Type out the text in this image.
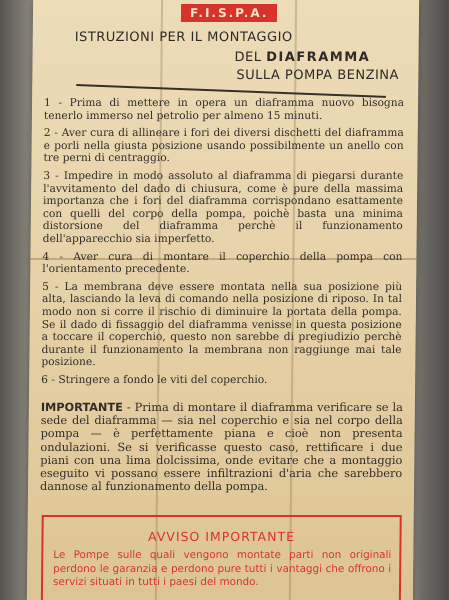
F.I.S.P.A.
ISTRUZIONI PER IL MONTAGGIO
DEL DIAFRAMMA
SULLA POMPA BENZINA

1 - Prima di mettere in opera un diaframma nuovo bisogna tenerlo immerso nel petrolio per almeno 15 minuti.

2 - Aver cura di allineare i fori dei diversi dischetti del diaframma e porli nella giusta posizione usando possibilmente un anello con tre perni di centraggio.

3 - Impedire in modo assoluto al diaframma di piegarsi durante l'avvitamento del dado di chiusura, come è pure della massima importanza che i fori del diaframma corrispondano esattamente con quelli del corpo della pompa, poichè basta una minima distorsione del diaframma perchè il funzionamento dell'apparecchio sia imperfetto.

4 - Aver cura di montare il coperchio della pompa con l'orientamento precedente.

5 - La membrana deve essere montata nella sua posizione più alta, lasciando la leva di comando nella posizione di riposo. In tal modo non si corre il rischio di diminuire la portata della pompa. Se il dado di fissaggio del diaframma venisse in questa posizione a toccare il coperchio, questo non sarebbe di pregiudizio perchè durante il funzionamento la membrana non raggiunge mai tale posizione.

6 - Stringere a fondo le viti del coperchio.

IMPORTANTE - Prima di montare il diaframma verificare se la sede del diaframma — sia nel coperchio e sia nel corpo della pompa — è perfettamente piana e cioè non presenta ondulazioni. Se si verificasse questo caso, rettificare i due piani con una lima dolcissima, onde evitare che a montaggio eseguito vi possano essere infiltrazioni d'aria che sarebbero dannose al funzionamento della pompa.
AVVISO IMPORTANTE
Le Pompe sulle quali vengono montate parti non originali perdono le garanzia e perdono pure tutti i vantaggi che offrono i servizi situati in tutti i paesi del mondo.
